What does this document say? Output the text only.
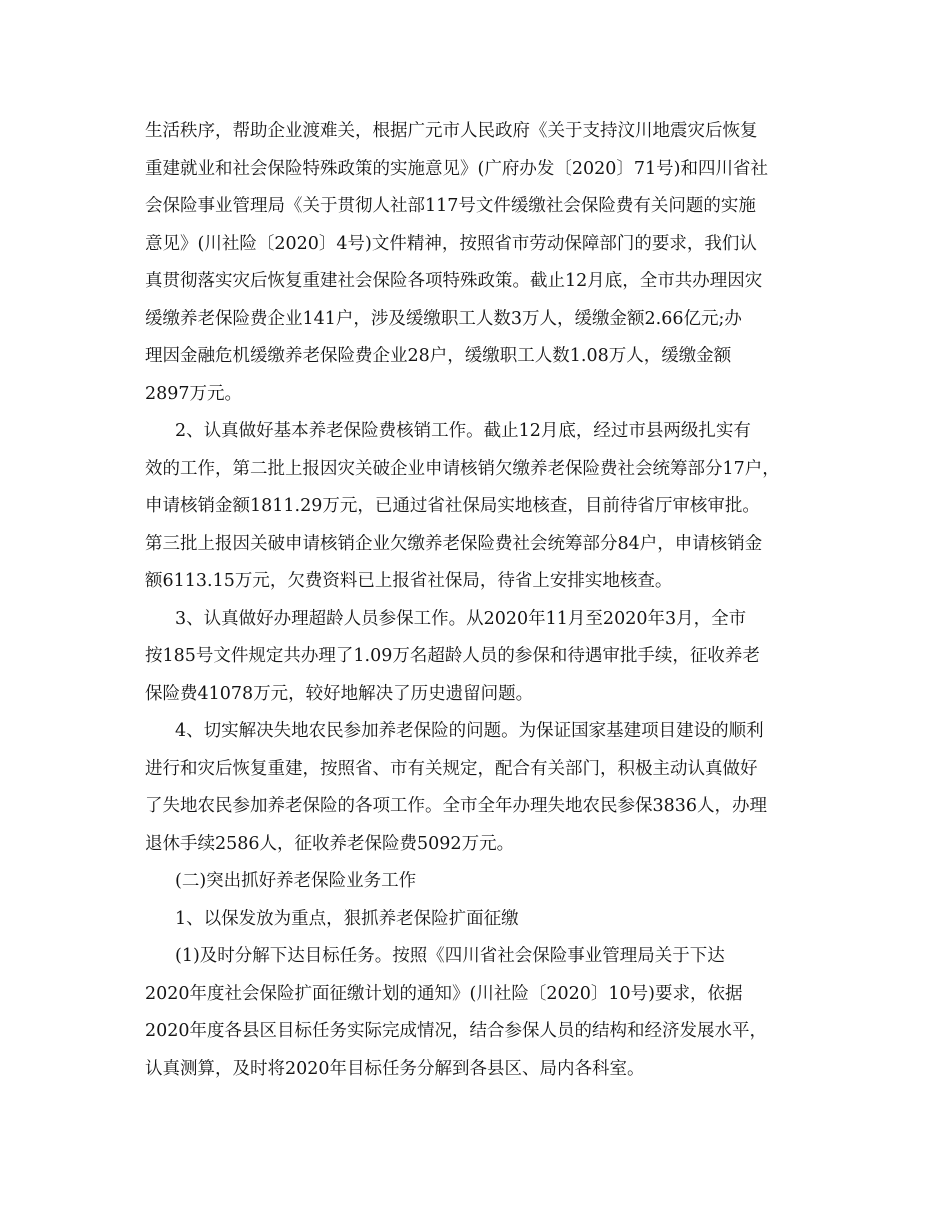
生活秩序，帮助企业渡难关，根据广元市人民政府《关于支持汶川地震灾后恢复
重建就业和社会保险特殊政策的实施意见》(广府办发〔2020〕71号)和四川省社
会保险事业管理局《关于贯彻人社部117号文件缓缴社会保险费有关问题的实施
意见》(川社险〔2020〕4号)文件精神，按照省市劳动保障部门的要求，我们认
真贯彻落实灾后恢复重建社会保险各项特殊政策。截止12月底，全市共办理因灾
缓缴养老保险费企业141户，涉及缓缴职工人数3万人，缓缴金额2.66亿元;办
理因金融危机缓缴养老保险费企业28户，缓缴职工人数1.08万人，缓缴金额
2897万元。
2、认真做好基本养老保险费核销工作。截止12月底，经过市县两级扎实有
效的工作，第二批上报因灾关破企业申请核销欠缴养老保险费社会统筹部分17户，
申请核销金额1811.29万元，已通过省社保局实地核查，目前待省厅审核审批。
第三批上报因关破申请核销企业欠缴养老保险费社会统筹部分84户，申请核销金
额6113.15万元，欠费资料已上报省社保局，待省上安排实地核查。
3、认真做好办理超龄人员参保工作。从2020年11月至2020年3月，全市
按185号文件规定共办理了1.09万名超龄人员的参保和待遇审批手续，征收养老
保险费41078万元，较好地解决了历史遗留问题。
4、切实解决失地农民参加养老保险的问题。为保证国家基建项目建设的顺利
进行和灾后恢复重建，按照省、市有关规定，配合有关部门，积极主动认真做好
了失地农民参加养老保险的各项工作。全市全年办理失地农民参保3836人，办理
退休手续2586人，征收养老保险费5092万元。
(二)突出抓好养老保险业务工作
1、以保发放为重点，狠抓养老保险扩面征缴
(1)及时分解下达目标任务。按照《四川省社会保险事业管理局关于下达
2020年度社会保险扩面征缴计划的通知》(川社险〔2020〕10号)要求，依据
2020年度各县区目标任务实际完成情况，结合参保人员的结构和经济发展水平，
认真测算，及时将2020年目标任务分解到各县区、局内各科室。
